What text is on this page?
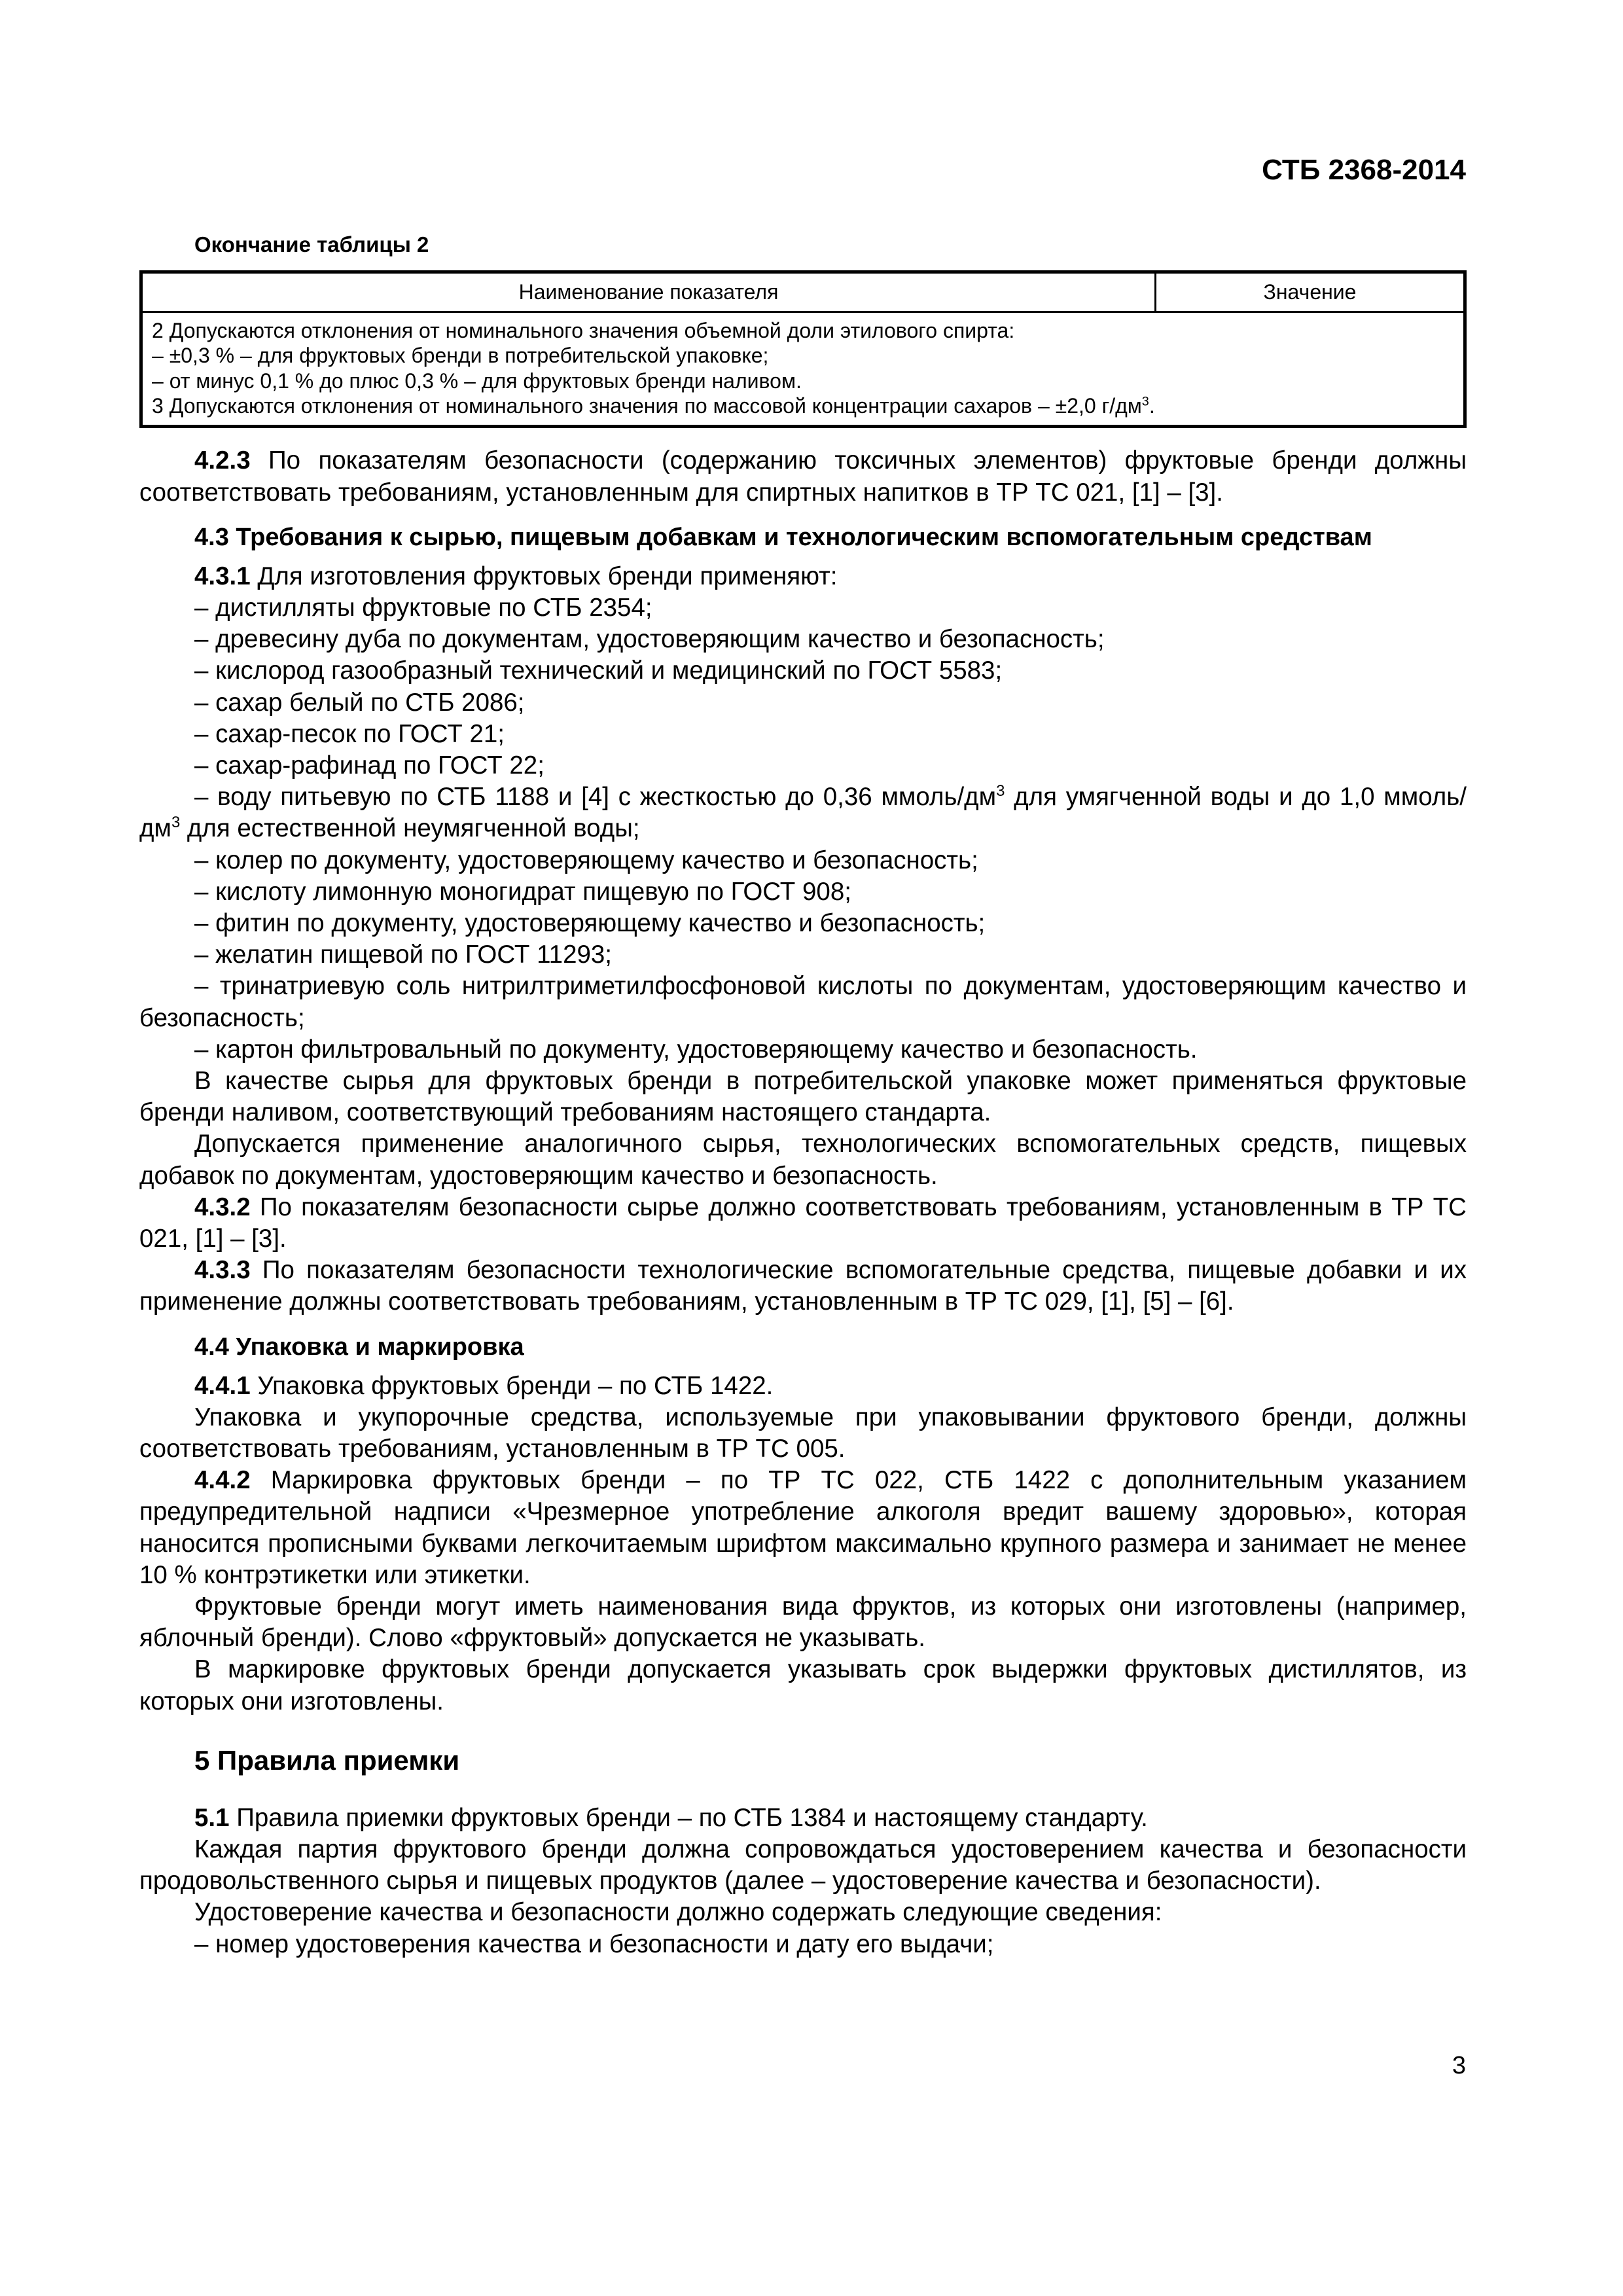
СТБ 2368-2014
Окончание таблицы 2
Наименование показателя	Значение

2 Допускаются отклонения от номинального значения объемной доли этилового спирта:
– ±0,3 % – для фруктовых бренди в потребительской упаковке;
– от минус 0,1 % до плюс 0,3 % – для фруктовых бренди наливом.
3 Допускаются отклонения от номинального значения по массовой концентрации сахаров – ±2,0 $г/дм^3$.

4.2.3 По показателям безопасности (содержанию токсичных элементов) фруктовые бренди должны соответствовать требованиям, установленным для спиртных напитков в ТР ТС 021, [1] – [3].

4.3 Требования к сырью, пищевым добавкам и технологическим вспомогательным средствам

4.3.1 Для изготовления фруктовых бренди применяют:

– дистилляты фруктовые по СТБ 2354;

– древесину дуба по документам, удостоверяющим качество и безопасность;

– кислород газообразный технический и медицинский по ГОСТ 5583;

– сахар белый по СТБ 2086;

– сахар-песок по ГОСТ 21;

– сахар-рафинад по ГОСТ 22;

– воду питьевую по СТБ 1188 и [4] с жесткостью до 0,36 ммоль/$дм^3$ для умягченной воды и до 1,0 ммоль/$дм^3$ для естественной неумягченной воды;

– колер по документу, удостоверяющему качество и безопасность;

– кислоту лимонную моногидрат пищевую по ГОСТ 908;

– фитин по документу, удостоверяющему качество и безопасность;

– желатин пищевой по ГОСТ 11293;

– тринатриевую соль нитрилтриметилфосфоновой кислоты по документам, удостоверяющим качество и безопасность;

– картон фильтровальный по документу, удостоверяющему качество и безопасность.

В качестве сырья для фруктовых бренди в потребительской упаковке может применяться фруктовые бренди наливом, соответствующий требованиям настоящего стандарта.

Допускается применение аналогичного сырья, технологических вспомогательных средств, пищевых добавок по документам, удостоверяющим качество и безопасность.

4.3.2 По показателям безопасности сырье должно соответствовать требованиям, установленным в ТР ТС 021, [1] – [3].

4.3.3 По показателям безопасности технологические вспомогательные средства, пищевые добавки и их применение должны соответствовать требованиям, установленным в ТР ТС 029, [1], [5] – [6].

4.4 Упаковка и маркировка

4.4.1 Упаковка фруктовых бренди – по СТБ 1422.

Упаковка и укупорочные средства, используемые при упаковывании фруктового бренди, должны соответствовать требованиям, установленным в ТР ТС 005.

4.4.2 Маркировка фруктовых бренди – по ТР ТС 022, СТБ 1422 с дополнительным указанием предупредительной надписи «Чрезмерное употребление алкоголя вредит вашему здоровью», которая наносится прописными буквами легкочитаемым шрифтом максимально крупного размера и занимает не менее 10 % контрэтикетки или этикетки.

Фруктовые бренди могут иметь наименования вида фруктов, из которых они изготовлены (например, яблочный бренди). Слово «фруктовый» допускается не указывать.

В маркировке фруктовых бренди допускается указывать срок выдержки фруктовых дистиллятов, из которых они изготовлены.

5 Правила приемки

5.1 Правила приемки фруктовых бренди – по СТБ 1384 и настоящему стандарту.

Каждая партия фруктового бренди должна сопровождаться удостоверением качества и безопасности продовольственного сырья и пищевых продуктов (далее – удостоверение качества и безопасности).

Удостоверение качества и безопасности должно содержать следующие сведения:

– номер удостоверения качества и безопасности и дату его выдачи;

3
